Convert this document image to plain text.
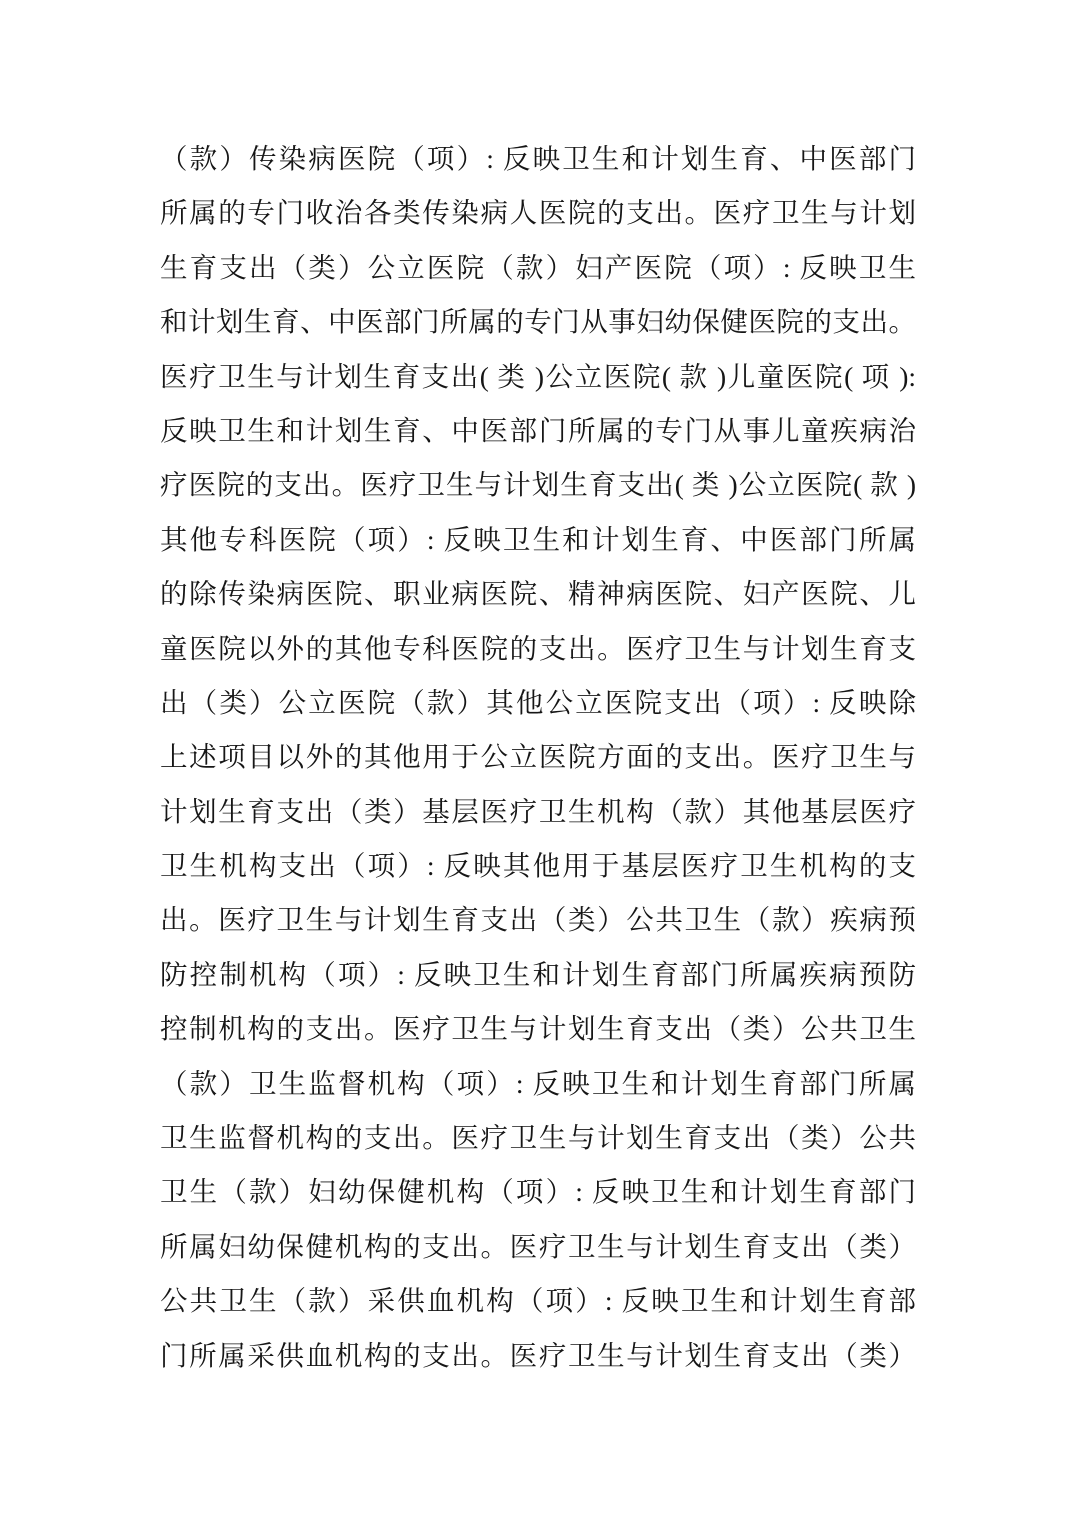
（款）传染病医院（项）: 反映卫生和计划生育、中医部门
所属的专门收治各类传染病人医院的支出。医疗卫生与计划
生育支出（类）公立医院（款）妇产医院（项）: 反映卫生
和计划生育、中医部门所属的专门从事妇幼保健医院的支出。
医疗卫生与计划生育支出( 类 )公立医院( 款 )儿童医院( 项 ):
反映卫生和计划生育、中医部门所属的专门从事儿童疾病治
疗医院的支出。医疗卫生与计划生育支出( 类 )公立医院( 款 )
其他专科医院（项）: 反映卫生和计划生育、中医部门所属
的除传染病医院、职业病医院、精神病医院、妇产医院、儿
童医院以外的其他专科医院的支出。医疗卫生与计划生育支
出（类）公立医院（款）其他公立医院支出（项）: 反映除
上述项目以外的其他用于公立医院方面的支出。医疗卫生与
计划生育支出（类）基层医疗卫生机构（款）其他基层医疗
卫生机构支出（项）: 反映其他用于基层医疗卫生机构的支
出。医疗卫生与计划生育支出（类）公共卫生（款）疾病预
防控制机构（项）: 反映卫生和计划生育部门所属疾病预防
控制机构的支出。医疗卫生与计划生育支出（类）公共卫生
（款）卫生监督机构（项）: 反映卫生和计划生育部门所属
卫生监督机构的支出。医疗卫生与计划生育支出（类）公共
卫生（款）妇幼保健机构（项）: 反映卫生和计划生育部门
所属妇幼保健机构的支出。医疗卫生与计划生育支出（类）
公共卫生（款）采供血机构（项）: 反映卫生和计划生育部
门所属采供血机构的支出。医疗卫生与计划生育支出（类）
